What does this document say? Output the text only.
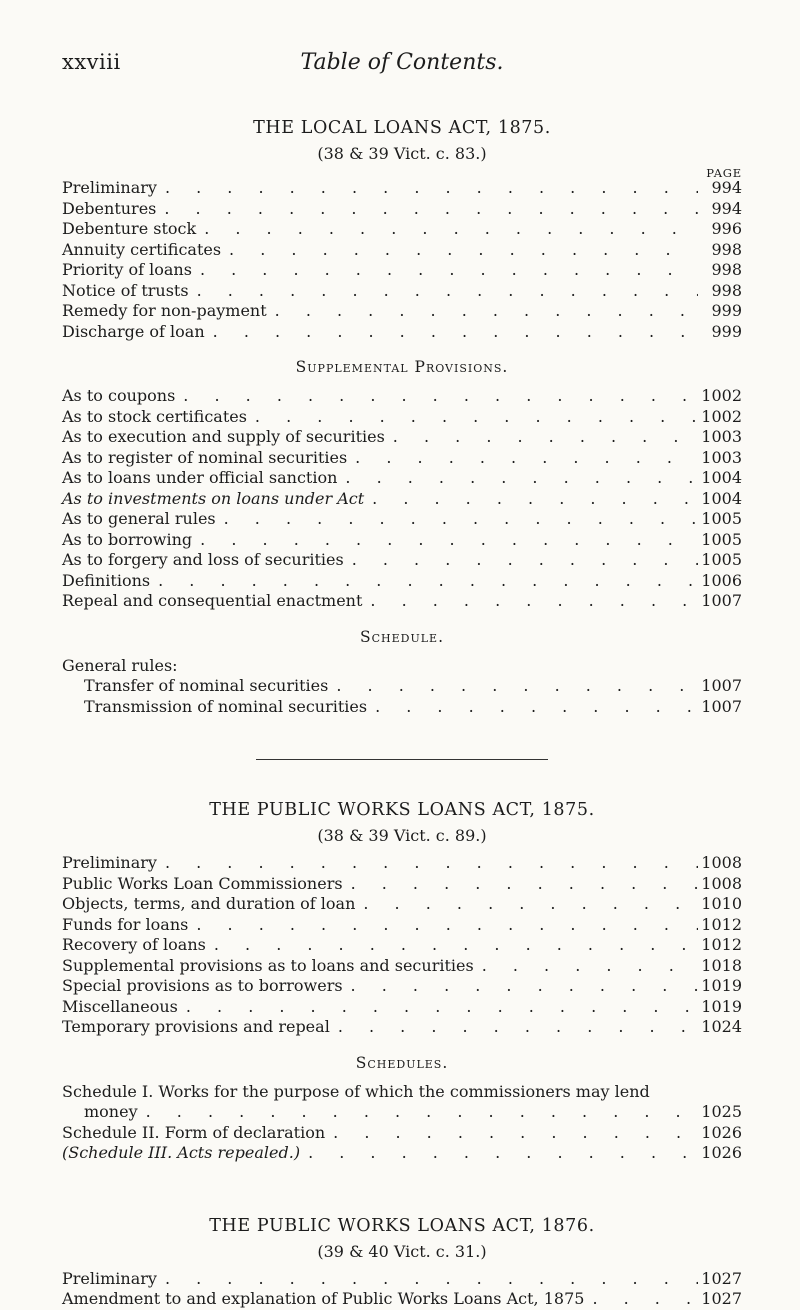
xxviii	Table of Contents.
THE LOCAL LOANS ACT, 1875.
(38 & 39 Vict. c. 83.)
PAGE
Preliminary . . .	994
Debentures . . .	994
Debenture stock . . .	996
Annuity certificates . . .	998
Priority of loans . . .	998
Notice of trusts . . .	998
Remedy for non-payment . . .	999
Discharge of loan . . .	999
Supplemental Provisions.
As to coupons . . .	1002
As to stock certificates . . .	1002
As to execution and supply of securities . . .	1003
As to register of nominal securities . . .	1003
As to loans under official sanction . . .	1004
As to investments on loans under Act . . .	1004
As to general rules . . .	1005
As to borrowing . . .	1005
As to forgery and loss of securities . . .	1005
Definitions . . .	1006
Repeal and consequential enactment . . .	1007
Schedule.
General rules:
Transfer of nominal securities . . .	1007
Transmission of nominal securities . . .	1007
THE PUBLIC WORKS LOANS ACT, 1875.
(38 & 39 Vict. c. 89.)
Preliminary . . .	1008
Public Works Loan Commissioners . . .	1008
Objects, terms, and duration of loan . . .	1010
Funds for loans . . .	1012
Recovery of loans . . .	1012
Supplemental provisions as to loans and securities . . .	1018
Special provisions as to borrowers . . .	1019
Miscellaneous . . .	1019
Temporary provisions and repeal . . .	1024
Schedules.
Schedule I. Works for the purpose of which the commissioners may lend
money . . .	1025
Schedule II. Form of declaration . . .	1026
(Schedule III. Acts repealed.) . . .	1026
THE PUBLIC WORKS LOANS ACT, 1876.
(39 & 40 Vict. c. 31.)
Preliminary . . .	1027
Amendment to and explanation of Public Works Loans Act, 1875 . . .	1027
